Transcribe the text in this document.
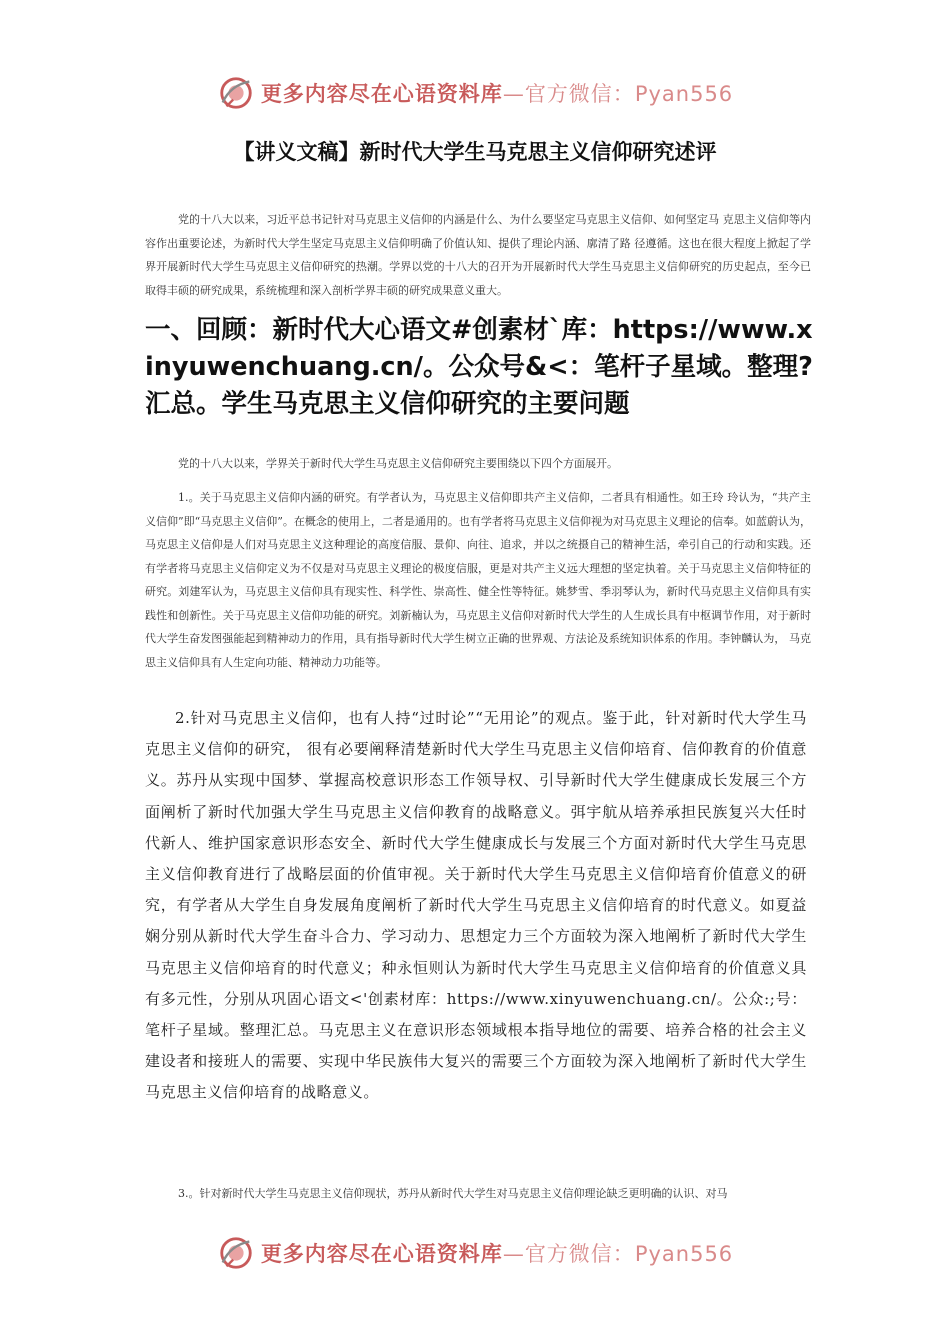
更多内容尽在心语资料库—官方微信：Pyan556
【讲义文稿】新时代大学生马克思主义信仰研究述评

党的十八大以来，习近平总书记针对马克思主义信仰的内涵是什么、为什么要坚定马克思主义信仰、如何坚定马 克思主义信仰等内容作出重要论述，为新时代大学生坚定马克思主义信仰明确了价值认知、提供了理论内涵、廓清了路 径遵循。这也在很大程度上掀起了学界开展新时代大学生马克思主义信仰研究的热潮。学界以党的十八大的召开为开展新时代大学生马克思主义信仰研究的历史起点，至今已取得丰硕的研究成果，系统梳理和深入剖析学界丰硕的研究成果意义重大。

一、回顾：新时代大心语文#创素材`库：https://www.xinyuwenchuang.cn/。公众号&<：笔杆子星域。整理?汇总。学生马克思主义信仰研究的主要问题

党的十八大以来，学界关于新时代大学生马克思主义信仰研究主要围绕以下四个方面展开。

1.。关于马克思主义信仰内涵的研究。有学者认为，马克思主义信仰即共产主义信仰，二者具有相通性。如王玲 玲认为，“共产主义信仰”即“马克思主义信仰”。在概念的使用上，二者是通用的。也有学者将马克思主义信仰视为对马克思主义理论的信奉。如蓝蔚认为，马克思主义信仰是人们对马克思主义这种理论的高度信服、景仰、向往、追求，并以之统摄自己的精神生活，牵引自己的行动和实践。还有学者将马克思主义信仰定义为不仅是对马克思主义理论的极度信服，更是对共产主义远大理想的坚定执着。关于马克思主义信仰特征的研究。刘建军认为，马克思主义信仰具有现实性、科学性、崇高性、健全性等特征。姚梦雪、季羽琴认为，新时代马克思主义信仰具有实践性和创新性。关于马克思主义信仰功能的研究。刘新楠认为，马克思主义信仰对新时代大学生的人生成长具有中枢调节作用，对于新时代大学生奋发图强能起到精神动力的作用，具有指导新时代大学生树立正确的世界观、方法论及系统知识体系的作用。李钟麟认为， 马克思主义信仰具有人生定向功能、精神动力功能等。

2.针对马克思主义信仰，也有人持“过时论”“无用论”的观点。鉴于此，针对新时代大学生马克思主义信仰的研究， 很有必要阐释清楚新时代大学生马克思主义信仰培育、信仰教育的价值意义。苏丹从实现中国梦、掌握高校意识形态工作领导权、引导新时代大学生健康成长发展三个方面阐析了新时代加强大学生马克思主义信仰教育的战略意义。弭宇航从培养承担民族复兴大任时代新人、维护国家意识形态安全、新时代大学生健康成长与发展三个方面对新时代大学生马克思主义信仰教育进行了战略层面的价值审视。关于新时代大学生马克思主义信仰培育价值意义的研究，有学者从大学生自身发展角度阐析了新时代大学生马克思主义信仰培育的时代意义。如夏益娴分别从新时代大学生奋斗合力、学习动力、思想定力三个方面较为深入地阐析了新时代大学生马克思主义信仰培育的时代意义；种永恒则认为新时代大学生马克思主义信仰培育的价值意义具有多元性，分别从巩固心语文<'创素材库：https://www.xinyuwenchuang.cn/。公众:;号：笔杆子星域。整理汇总。马克思主义在意识形态领域根本指导地位的需要、培养合格的社会主义建设者和接班人的需要、实现中华民族伟大复兴的需要三个方面较为深入地阐析了新时代大学生马克思主义信仰培育的战略意义。

3.。针对新时代大学生马克思主义信仰现状，苏丹从新时代大学生对马克思主义信仰理论缺乏更明确的认识、对马

更多内容尽在心语资料库—官方微信：Pyan556
